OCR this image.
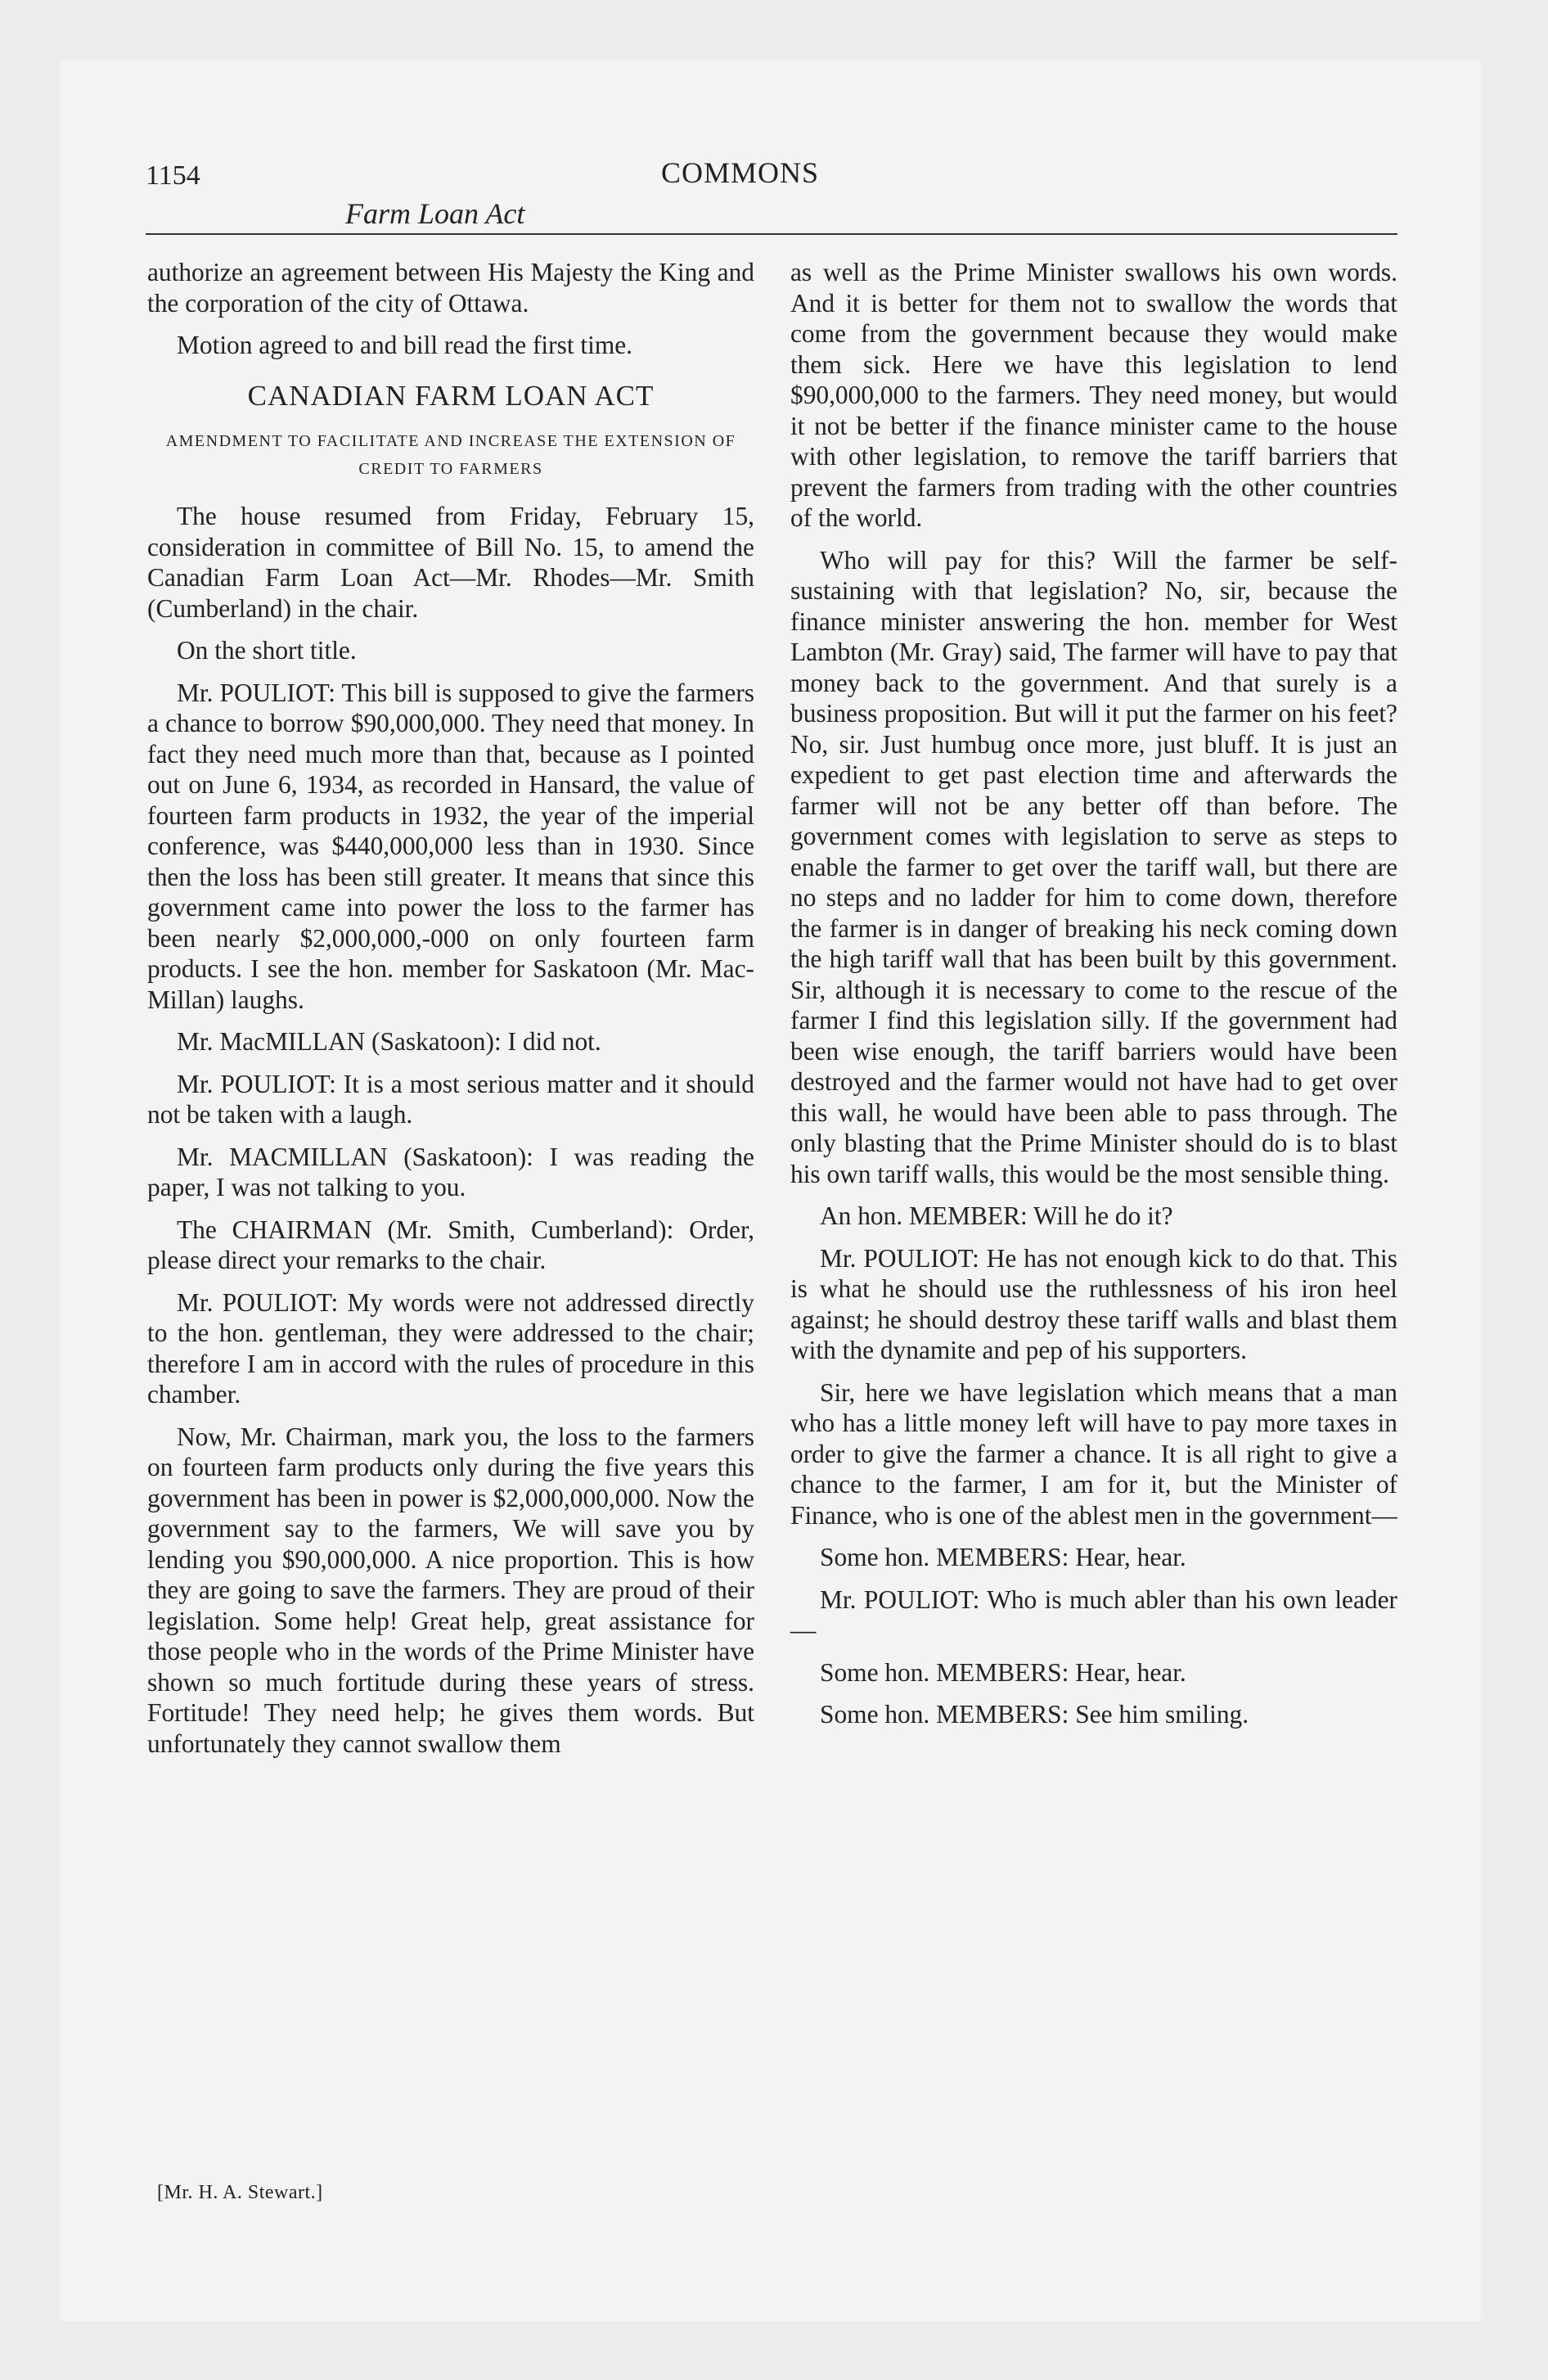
1154	COMMONS
Farm Loan Act

authorize an agreement between His Majesty the King and the corporation of the city of Ottawa.

Motion agreed to and bill read the first time.

CANADIAN FARM LOAN ACT
AMENDMENT TO FACILITATE AND INCREASE THE EXTENSION OF CREDIT TO FARMERS

The house resumed from Friday, February 15, consideration in committee of Bill No. 15, to amend the Canadian Farm Loan Act—Mr. Rhodes—Mr. Smith (Cumberland) in the chair.

On the short title.

Mr. POULIOT: This bill is supposed to give the farmers a chance to borrow $90,000,000. They need that money. In fact they need much more than that, because as I pointed out on June 6, 1934, as recorded in Hansard, the value of fourteen farm products in 1932, the year of the imperial conference, was $440,000,000 less than in 1930. Since then the loss has been still greater. It means that since this government came into power the loss to the farmer has been nearly $2,000,000,-000 on only fourteen farm products. I see the hon. member for Saskatoon (Mr. Mac-Millan) laughs.

Mr. MacMILLAN (Saskatoon): I did not.

Mr. POULIOT: It is a most serious matter and it should not be taken with a laugh.

Mr. MACMILLAN (Saskatoon): I was reading the paper, I was not talking to you.

The CHAIRMAN (Mr. Smith, Cumberland): Order, please direct your remarks to the chair.

Mr. POULIOT: My words were not addressed directly to the hon. gentleman, they were addressed to the chair; therefore I am in accord with the rules of procedure in this chamber.

Now, Mr. Chairman, mark you, the loss to the farmers on fourteen farm products only during the five years this government has been in power is $2,000,000,000. Now the government say to the farmers, We will save you by lending you $90,000,000. A nice proportion. This is how they are going to save the farmers. They are proud of their legislation. Some help! Great help, great assistance for those people who in the words of the Prime Minister have shown so much fortitude during these years of stress. Fortitude! They need help; he gives them words. But unfortunately they cannot swallow them

as well as the Prime Minister swallows his own words. And it is better for them not to swallow the words that come from the government because they would make them sick. Here we have this legislation to lend $90,000,000 to the farmers. They need money, but would it not be better if the finance minister came to the house with other legislation, to remove the tariff barriers that prevent the farmers from trading with the other countries of the world.

Who will pay for this? Will the farmer be self-sustaining with that legislation? No, sir, because the finance minister answering the hon. member for West Lambton (Mr. Gray) said, The farmer will have to pay that money back to the government. And that surely is a business proposition. But will it put the farmer on his feet? No, sir. Just humbug once more, just bluff. It is just an expedient to get past election time and afterwards the farmer will not be any better off than before. The government comes with legislation to serve as steps to enable the farmer to get over the tariff wall, but there are no steps and no ladder for him to come down, therefore the farmer is in danger of breaking his neck coming down the high tariff wall that has been built by this government. Sir, although it is necessary to come to the rescue of the farmer I find this legislation silly. If the government had been wise enough, the tariff barriers would have been destroyed and the farmer would not have had to get over this wall, he would have been able to pass through. The only blasting that the Prime Minister should do is to blast his own tariff walls, this would be the most sensible thing.

An hon. MEMBER: Will he do it?

Mr. POULIOT: He has not enough kick to do that. This is what he should use the ruthlessness of his iron heel against; he should destroy these tariff walls and blast them with the dynamite and pep of his supporters.

Sir, here we have legislation which means that a man who has a little money left will have to pay more taxes in order to give the farmer a chance. It is all right to give a chance to the farmer, I am for it, but the Minister of Finance, who is one of the ablest men in the government—

Some hon. MEMBERS: Hear, hear.

Mr. POULIOT: Who is much abler than his own leader—

Some hon. MEMBERS: Hear, hear.

Some hon. MEMBERS: See him smiling.

[Mr. H. A. Stewart.]
